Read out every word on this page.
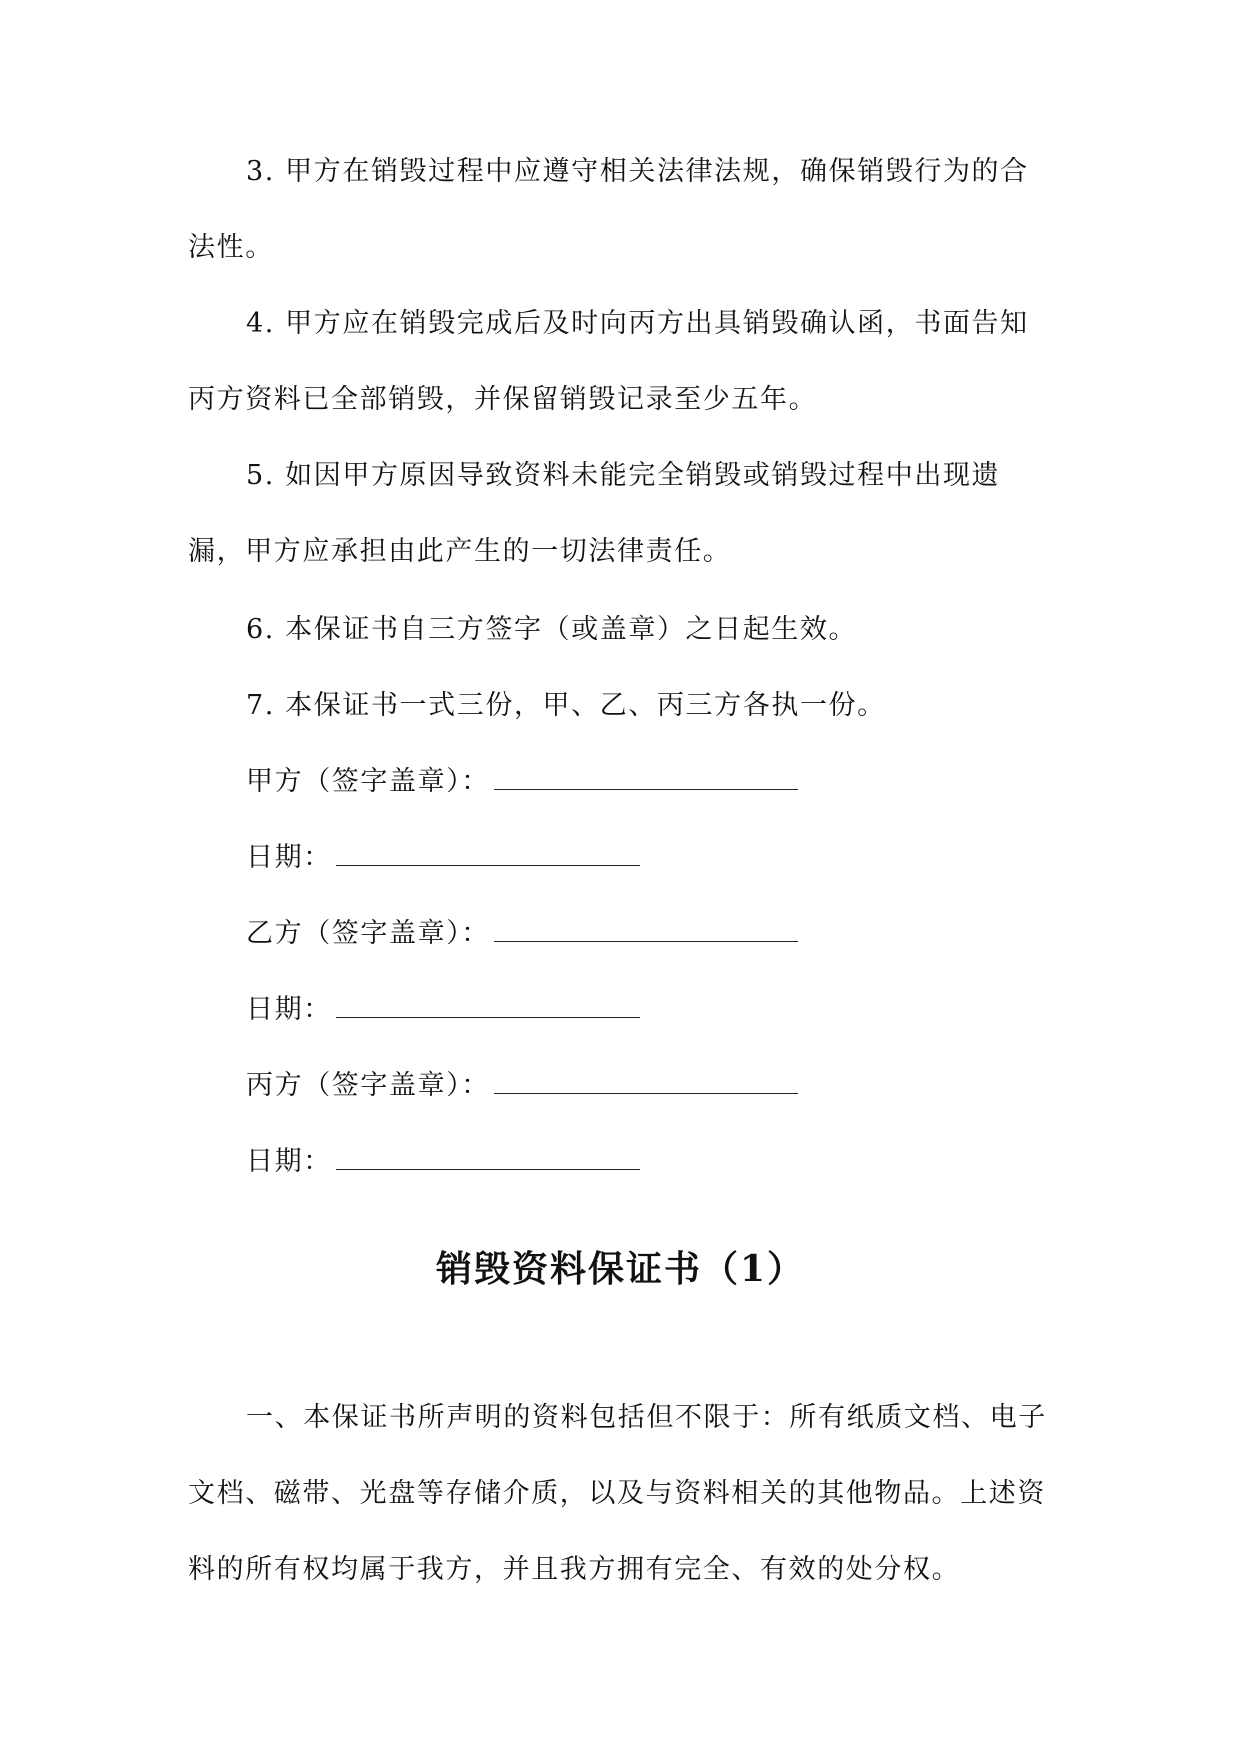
3. 甲方在销毁过程中应遵守相关法律法规，确保销毁行为的合法性。

4. 甲方应在销毁完成后及时向丙方出具销毁确认函，书面告知丙方资料已全部销毁，并保留销毁记录至少五年。

5. 如因甲方原因导致资料未能完全销毁或销毁过程中出现遗漏，甲方应承担由此产生的一切法律责任。

6. 本保证书自三方签字（或盖章）之日起生效。

7. 本保证书一式三份，甲、乙、丙三方各执一份。

甲方（签字盖章）：
日期：
乙方（签字盖章）：
日期：
丙方（签字盖章）：
日期：
销毁资料保证书（1）

一、本保证书所声明的资料包括但不限于：所有纸质文档、电子文档、磁带、光盘等存储介质，以及与资料相关的其他物品。上述资料的所有权均属于我方，并且我方拥有完全、有效的处分权。
